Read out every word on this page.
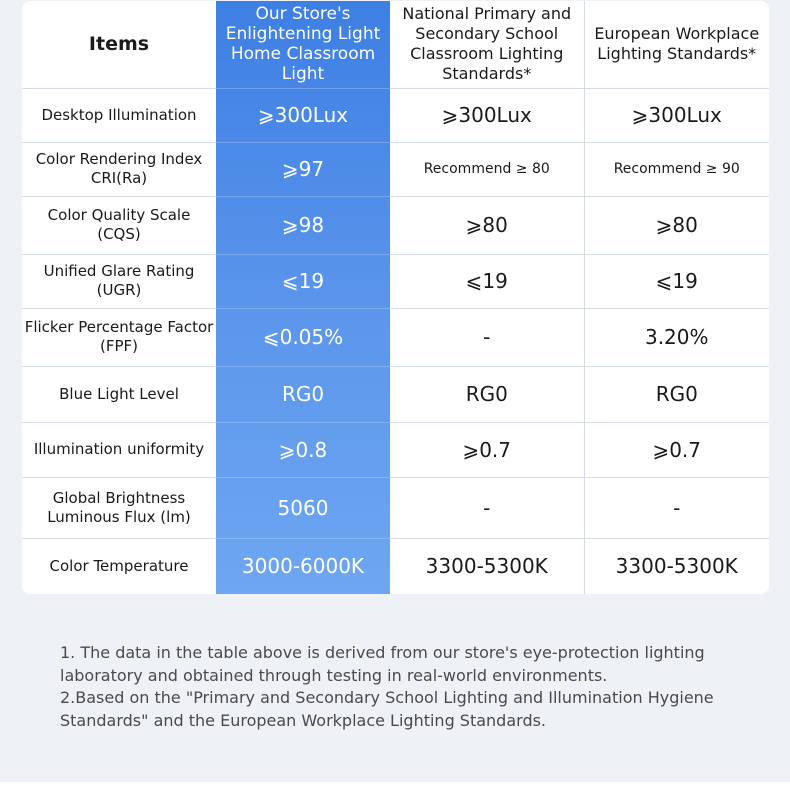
Items	Our Store's Enlightening Light Home Classroom Light	National Primary and Secondary School Classroom Lighting Standards*	European Workplace Lighting Standards*
Desktop Illumination	⩾300Lux	⩾300Lux	⩾300Lux
Color Rendering Index CRI(Ra)	⩾97	Recommend ≥ 80	Recommend ≥ 90
Color Quality Scale (CQS)	⩾98	⩾80	⩾80
Unified Glare Rating (UGR)	⩽19	⩽19	⩽19
Flicker Percentage Factor (FPF)	⩽0.05%	-	3.20%
Blue Light Level	RG0	RG0	RG0
Illumination uniformity	⩾0.8	⩾0.7	⩾0.7
Global Brightness Luminous Flux (lm)	5060	-	-
Color Temperature	3000-6000K	3300-5300K	3300-5300K

1. The data in the table above is derived from our store's eye-protection lighting laboratory and obtained through testing in real-world environments.

2.Based on the "Primary and Secondary School Lighting and Illumination Hygiene Standards" and the European Workplace Lighting Standards.
